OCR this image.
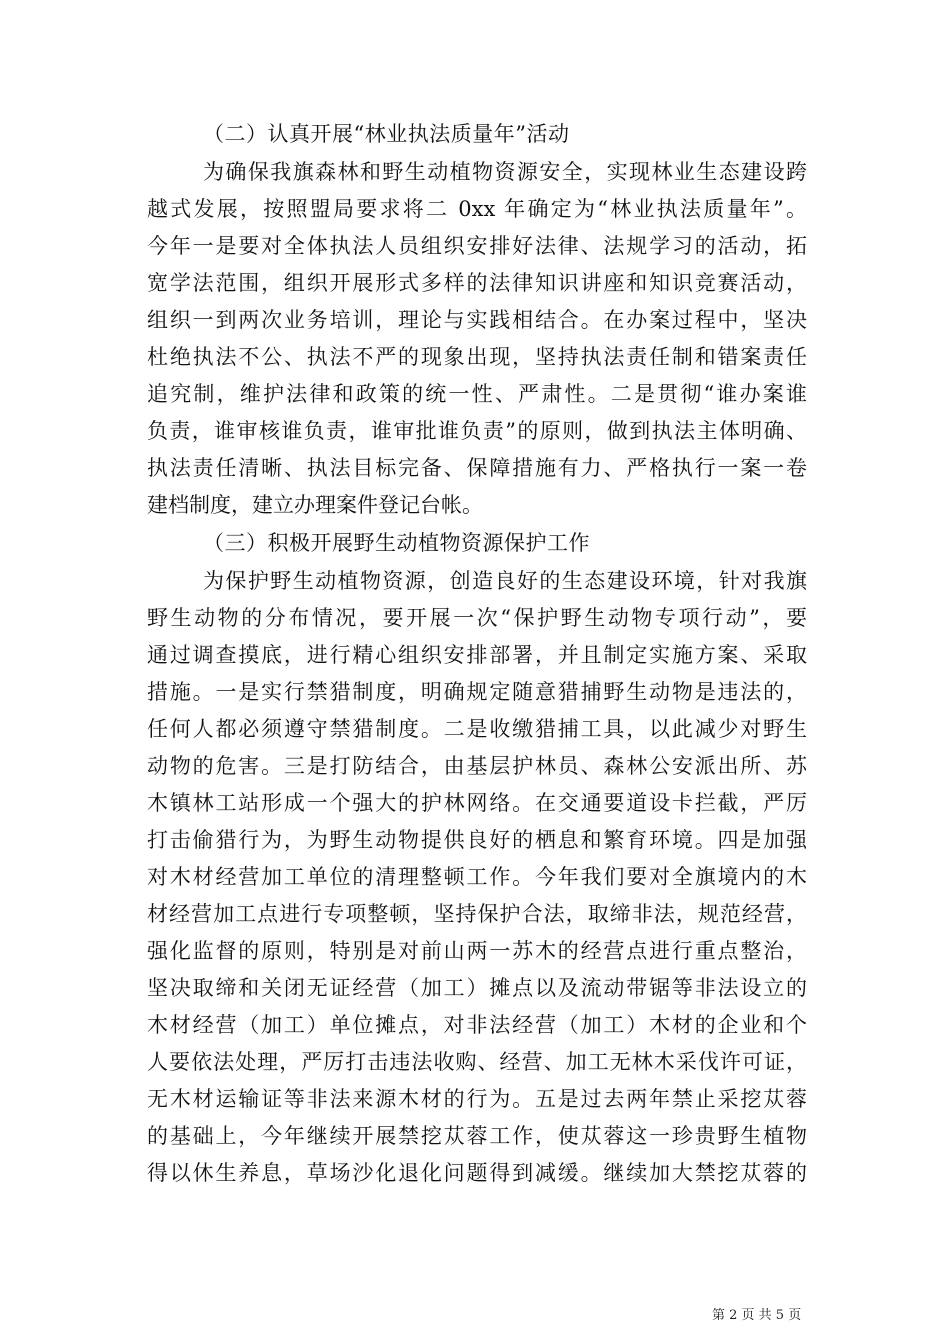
（二）认真开展“林业执法质量年”活动
为确保我旗森林和野生动植物资源安全，实现林业生态建设跨
越式发展，按照盟局要求将二 0xx 年确定为“林业执法质量年”。
今年一是要对全体执法人员组织安排好法律、法规学习的活动，拓
宽学法范围，组织开展形式多样的法律知识讲座和知识竞赛活动，
组织一到两次业务培训，理论与实践相结合。在办案过程中，坚决
杜绝执法不公、执法不严的现象出现，坚持执法责任制和错案责任
追究制，维护法律和政策的统一性、严肃性。二是贯彻“谁办案谁
负责，谁审核谁负责，谁审批谁负责”的原则，做到执法主体明确、
执法责任清晰、执法目标完备、保障措施有力、严格执行一案一卷
建档制度，建立办理案件登记台帐。
（三）积极开展野生动植物资源保护工作
为保护野生动植物资源，创造良好的生态建设环境，针对我旗
野生动物的分布情况，要开展一次“保护野生动物专项行动”，要
通过调查摸底，进行精心组织安排部署，并且制定实施方案、采取
措施。一是实行禁猎制度，明确规定随意猎捕野生动物是违法的，
任何人都必须遵守禁猎制度。二是收缴猎捕工具，以此减少对野生
动物的危害。三是打防结合，由基层护林员、森林公安派出所、苏
木镇林工站形成一个强大的护林网络。在交通要道设卡拦截，严厉
打击偷猎行为，为野生动物提供良好的栖息和繁育环境。四是加强
对木材经营加工单位的清理整顿工作。今年我们要对全旗境内的木
材经营加工点进行专项整顿，坚持保护合法，取缔非法，规范经营，
强化监督的原则，特别是对前山两一苏木的经营点进行重点整治，
坚决取缔和关闭无证经营（加工）摊点以及流动带锯等非法设立的
木材经营（加工）单位摊点，对非法经营（加工）木材的企业和个
人要依法处理，严厉打击违法收购、经营、加工无林木采伐许可证，
无木材运输证等非法来源木材的行为。五是过去两年禁止采挖苁蓉
的基础上，今年继续开展禁挖苁蓉工作，使苁蓉这一珍贵野生植物
得以休生养息，草场沙化退化问题得到减缓。继续加大禁挖苁蓉的
第 2 页 共 5 页
